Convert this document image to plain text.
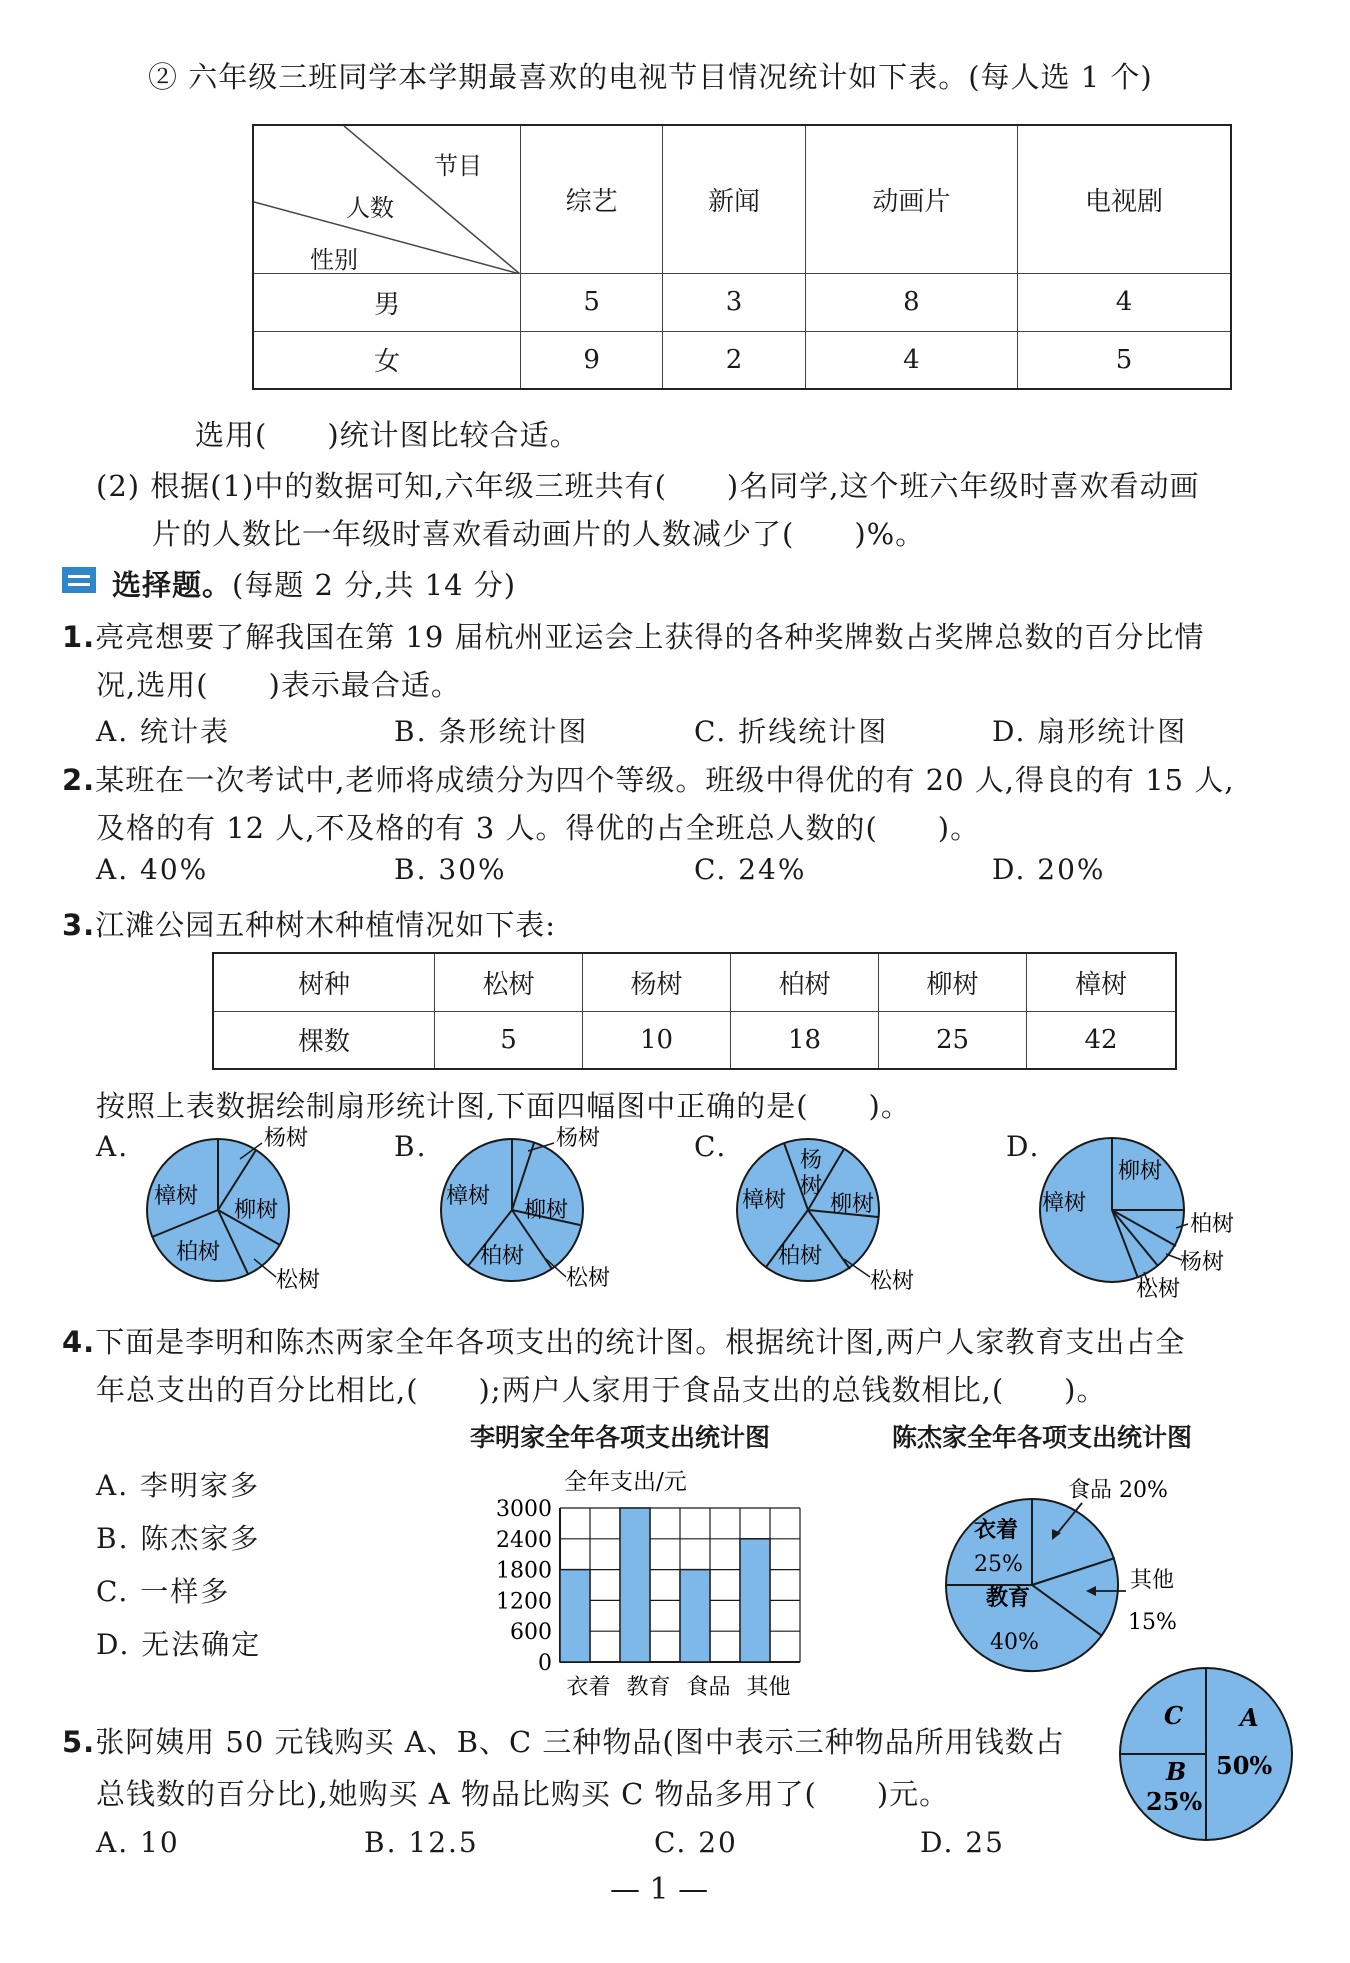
② 六年级三班同学本学期最喜欢的电视节目情况统计如下表。(每人选 1 个)
节目
人数
性别	综艺	新闻	动画片	电视剧
男	5	3	8	4
女	9	2	4	5
选用(　　)统计图比较合适。
(2) 根据(1)中的数据可知,六年级三班共有(　　)名同学,这个班六年级时喜欢看动画
片的人数比一年级时喜欢看动画片的人数减少了(　　)%。
选择题。(每题 2 分,共 14 分)
1.亮亮想要了解我国在第 19 届杭州亚运会上获得的各种奖牌数占奖牌总数的百分比情
况,选用(　　)表示最合适。
A. 统计表	B. 条形统计图	C. 折线统计图	D. 扇形统计图
2.某班在一次考试中,老师将成绩分为四个等级。班级中得优的有 20 人,得良的有 15 人,
及格的有 12 人,不及格的有 3 人。得优的占全班总人数的(　　)。
A. 40%	B. 30%	C. 24%	D. 20%
3.江滩公园五种树木种植情况如下表:
树种	松树	杨树	柏树	柳树	樟树
棵数	5	10	18	25	42
按照上表数据绘制扇形统计图,下面四幅图中正确的是(　　)。
A.	B.	C.	D.
樟树
柳树
柏树
杨树
松树
樟树
柳树
柏树
杨树
松树
杨
树
樟树 柳树
柏树
松树
樟树
柳树
柏树
杨树
松树
4.下面是李明和陈杰两家全年各项支出的统计图。根据统计图,两户人家教育支出占全
年总支出的百分比相比,(　　);两户人家用于食品支出的总钱数相比,(　　)。
李明家全年各项支出统计图	陈杰家全年各项支出统计图
A. 李明家多
B. 陈杰家多
C. 一样多
D. 无法确定
全年支出/元
0
600
1200
1800
2400
3000
衣着 教育 食品 其他
食品 20%
其他
15%
衣着
25%
教育
40%
5.张阿姨用 50 元钱购买 A、B、C 三种物品(图中表示三种物品所用钱数占
总钱数的百分比),她购买 A 物品比购买 C 物品多用了(　　)元。
A. 10	B. 12.5	C. 20	D. 25
C A
50%
B
25%
— 1 —
